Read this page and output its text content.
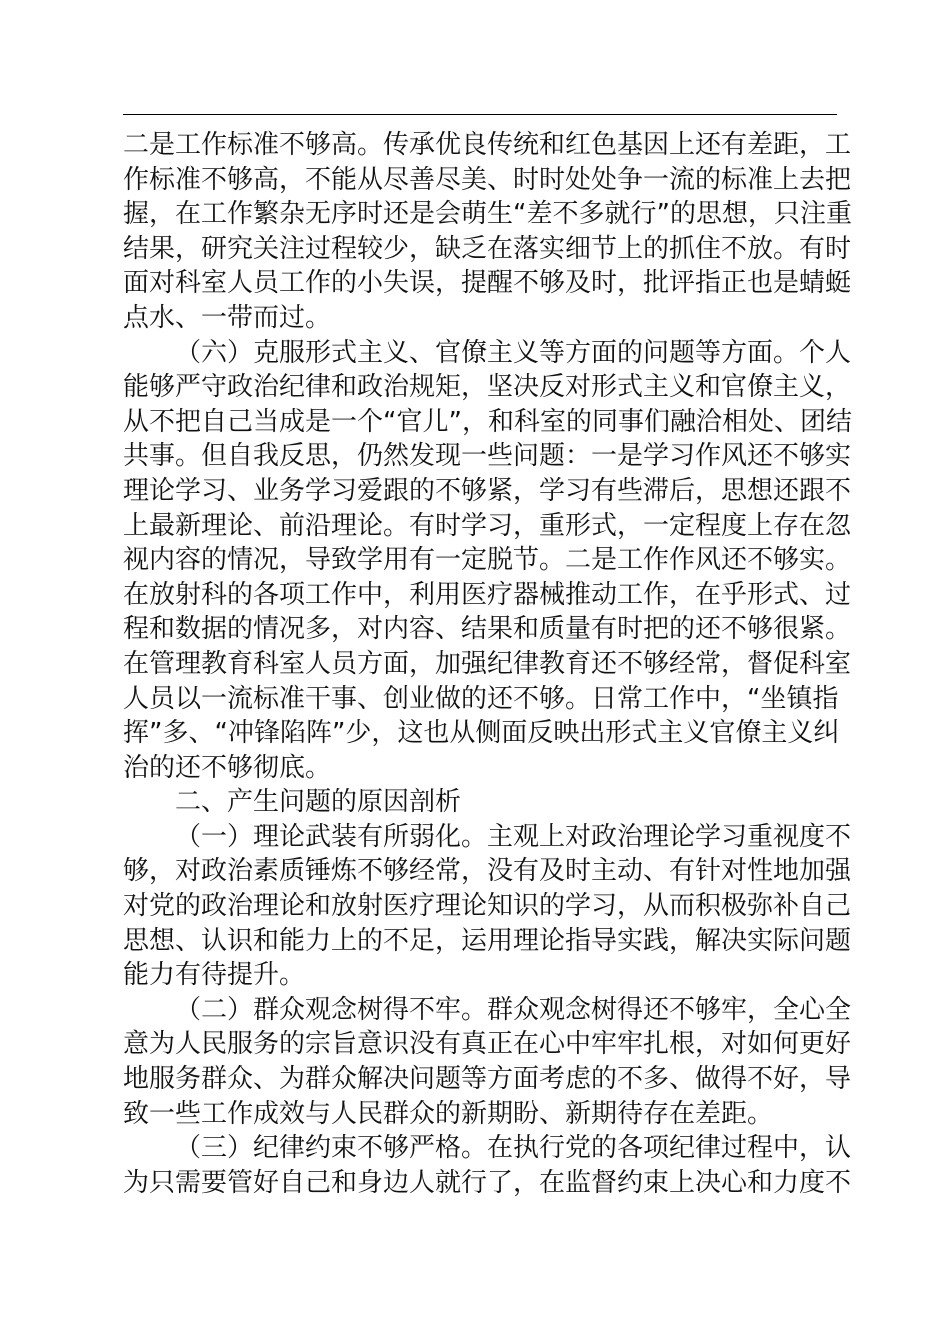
二是工作标准不够高。传承优良传统和红色基因上还有差距，工
作标准不够高，不能从尽善尽美、时时处处争一流的标准上去把
握，在工作繁杂无序时还是会萌生“差不多就行”的思想，只注重
结果，研究关注过程较少，缺乏在落实细节上的抓住不放。有时
面对科室人员工作的小失误，提醒不够及时，批评指正也是蜻蜓
点水、一带而过。
（六）克服形式主义、官僚主义等方面的问题等方面。个人
能够严守政治纪律和政治规矩，坚决反对形式主义和官僚主义，
从不把自己当成是一个“官儿”，和科室的同事们融洽相处、团结
共事。但自我反思，仍然发现一些问题：一是学习作风还不够实
理论学习、业务学习爱跟的不够紧，学习有些滞后，思想还跟不
上最新理论、前沿理论。有时学习，重形式，一定程度上存在忽
视内容的情况，导致学用有一定脱节。二是工作作风还不够实。
在放射科的各项工作中，利用医疗器械推动工作，在乎形式、过
程和数据的情况多，对内容、结果和质量有时把的还不够很紧。
在管理教育科室人员方面，加强纪律教育还不够经常，督促科室
人员以一流标准干事、创业做的还不够。日常工作中，“坐镇指
挥”多、“冲锋陷阵”少，这也从侧面反映出形式主义官僚主义纠
治的还不够彻底。
二、产生问题的原因剖析
（一）理论武装有所弱化。主观上对政治理论学习重视度不
够，对政治素质锤炼不够经常，没有及时主动、有针对性地加强
对党的政治理论和放射医疗理论知识的学习，从而积极弥补自己
思想、认识和能力上的不足，运用理论指导实践，解决实际问题
能力有待提升。
（二）群众观念树得不牢。群众观念树得还不够牢，全心全
意为人民服务的宗旨意识没有真正在心中牢牢扎根，对如何更好
地服务群众、为群众解决问题等方面考虑的不多、做得不好，导
致一些工作成效与人民群众的新期盼、新期待存在差距。
（三）纪律约束不够严格。在执行党的各项纪律过程中，认
为只需要管好自己和身边人就行了，在监督约束上决心和力度不
